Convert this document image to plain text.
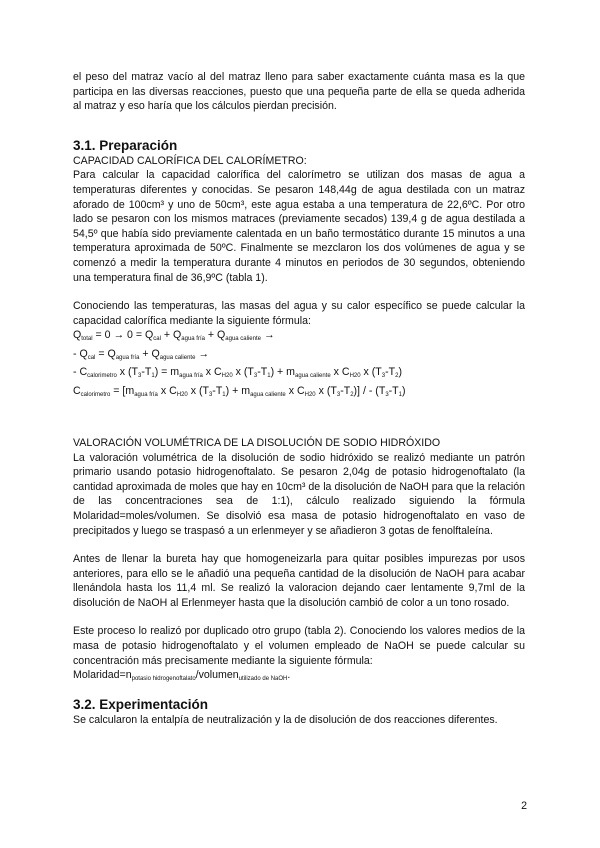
el peso del matraz vacío al del matraz lleno para saber exactamente cuánta masa es la que participa en las diversas reacciones, puesto que una pequeña parte de ella se queda adherida al matraz y eso haría que los cálculos pierdan precisión.

3.1. Preparación

CAPACIDAD CALORÍFICA DEL CALORÍMETRO:

Para calcular la capacidad calorífica del calorímetro se utilizan dos masas de agua a temperaturas diferentes y conocidas. Se pesaron 148,44g de agua destilada con un matraz aforado de 100cm³ y uno de 50cm³, este agua estaba a una temperatura de 22,6ºC. Por otro lado se pesaron con los mismos matraces (previamente secados) 139,4 g de agua destilada a 54,5º que había sido previamente calentada en un baño termostático durante 15 minutos a una temperatura aproximada de 50ºC. Finalmente se mezclaron los dos volúmenes de agua y se comenzó a medir la temperatura durante 4 minutos en periodos de 30 segundos, obteniendo una temperatura final de 36,9ºC (tabla 1).

Conociendo las temperaturas, las masas del agua y su calor específico se puede calcular la capacidad calorífica mediante la siguiente fórmula:

Qtotal = 0 → 0 = Qcal + Qagua fría + Qagua caliente →
- Qcal = Qagua fría + Qagua caliente →
- Ccalorimetro x (T3-T1) = magua fría x CH20 x (T3-T1) + magua caliente x CH20 x (T3-T2)
Ccalorimetro = [magua fría x CH20 x (T3-T1) + magua caliente x CH20 x (T3-T2)] / - (T3-T1)

VALORACIÓN VOLUMÉTRICA DE LA DISOLUCIÓN DE SODIO HIDRÓXIDO

La valoración volumétrica de la disolución de sodio hidróxido se realizó mediante un patrón primario usando potasio hidrogenoftalato. Se pesaron 2,04g de potasio hidrogenoftalato (la cantidad aproximada de moles que hay en 10cm³ de la disolución de NaOH para que la relación de las concentraciones sea de 1:1), cálculo realizado siguiendo la fórmula Molaridad=moles/volumen. Se disolvió esa masa de potasio hidrogenoftalato en vaso de precipitados y luego se traspasó a un erlenmeyer y se añadieron 3 gotas de fenolftaleína.

Antes de llenar la bureta hay que homogeneizarla para quitar posibles impurezas por usos anteriores, para ello se le añadió una pequeña cantidad de la disolución de NaOH para acabar llenándola hasta los 11,4 ml. Se realizó la valoracion dejando caer lentamente 9,7ml de la disolución de NaOH al Erlenmeyer hasta que la disolución cambió de color a un tono rosado.

Este proceso lo realizó por duplicado otro grupo (tabla 2). Conociendo los valores medios de la masa de potasio hidrogenoftalato y el volumen empleado de NaOH se puede calcular su concentración más precisamente mediante la siguiente fórmula:

Molaridad=npotasio hidrogenoftalato/volumenutilizado de NaOH.
3.2. Experimentación

Se calcularon la entalpía de neutralización y la de disolución de dos reacciones diferentes.

2
